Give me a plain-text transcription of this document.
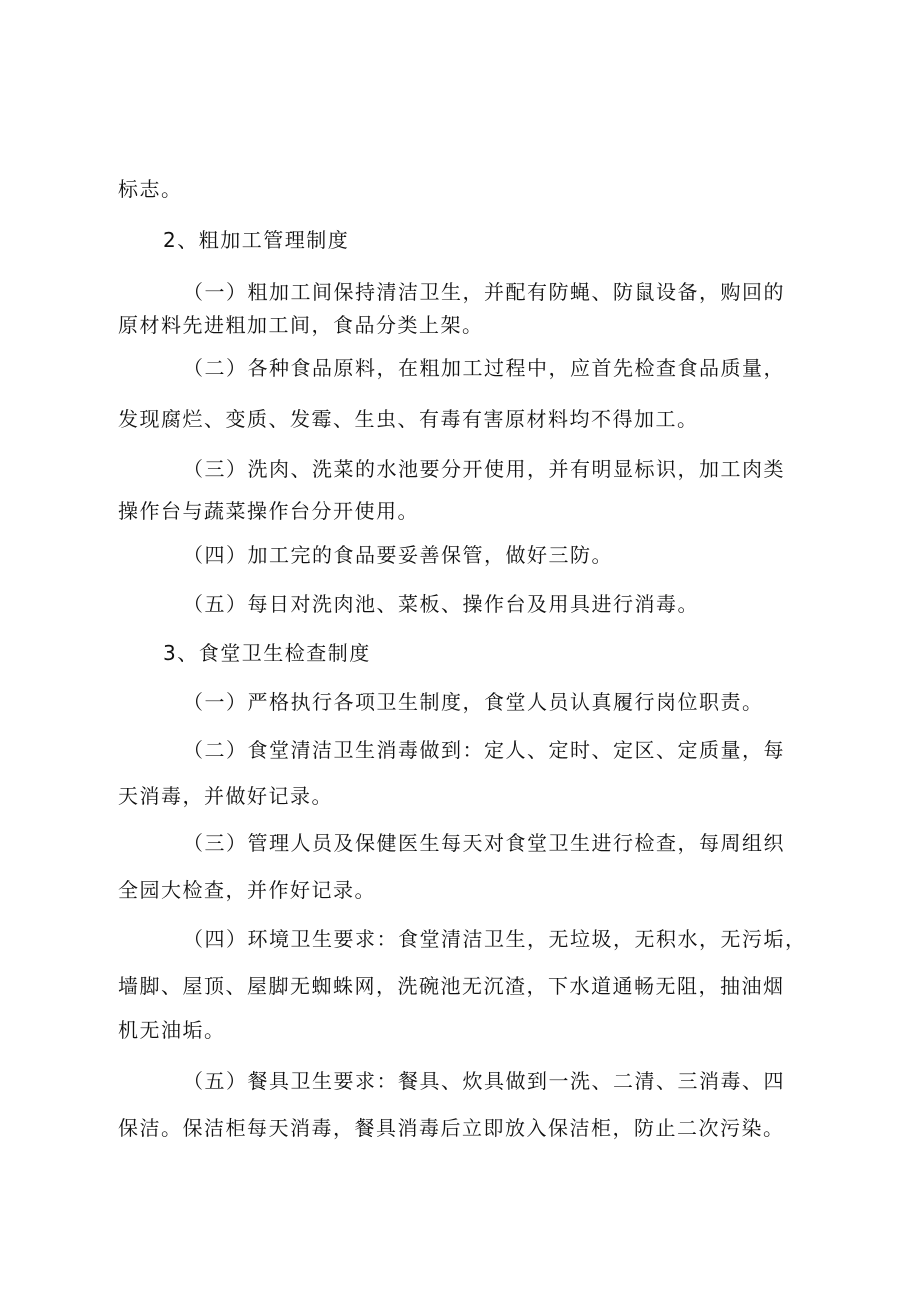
标志。
2、粗加工管理制度
（一）粗加工间保持清洁卫生，并配有防蝇、防鼠设备，购回的
原材料先进粗加工间，食品分类上架。
（二）各种食品原料，在粗加工过程中，应首先检查食品质量，
发现腐烂、变质、发霉、生虫、有毒有害原材料均不得加工。
（三）洗肉、洗菜的水池要分开使用，并有明显标识，加工肉类
操作台与蔬菜操作台分开使用。
（四）加工完的食品要妥善保管，做好三防。
（五）每日对洗肉池、菜板、操作台及用具进行消毒。
3、食堂卫生检查制度
（一）严格执行各项卫生制度，食堂人员认真履行岗位职责。
（二）食堂清洁卫生消毒做到：定人、定时、定区、定质量，每
天消毒，并做好记录。
（三）管理人员及保健医生每天对食堂卫生进行检查，每周组织
全园大检查，并作好记录。
（四）环境卫生要求：食堂清洁卫生，无垃圾，无积水，无污垢，
墙脚、屋顶、屋脚无蜘蛛网，洗碗池无沉渣，下水道通畅无阻，抽油烟
机无油垢。
（五）餐具卫生要求：餐具、炊具做到一洗、二清、三消毒、四
保洁。保洁柜每天消毒，餐具消毒后立即放入保洁柜，防止二次污染。
